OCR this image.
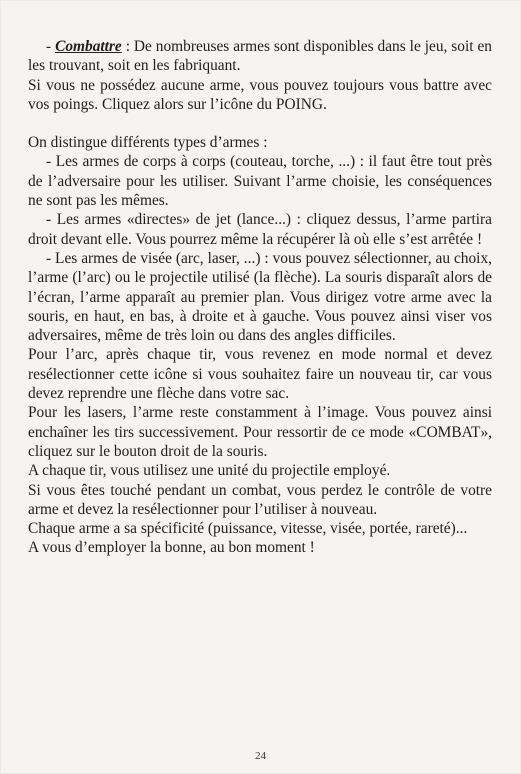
- Combattre : De nombreuses armes sont disponibles dans le jeu, soit en les trouvant, soit en les fabriquant.

Si vous ne possédez aucune arme, vous pouvez toujours vous battre avec vos poings. Cliquez alors sur l’icône du POING.

On distingue différents types d’armes :

- Les armes de corps à corps (couteau, torche, ...) : il faut être tout près de l’adversaire pour les utiliser. Suivant l’arme choisie, les conséquences ne sont pas les mêmes.

- Les armes «directes» de jet (lance...) : cliquez dessus, l’arme partira droit devant elle. Vous pourrez même la récupérer là où elle s’est arrêtée !

- Les armes de visée (arc, laser, ...) : vous pouvez sélectionner, au choix, l’arme (l’arc) ou le projectile utilisé (la flèche). La souris disparaît alors de l’écran, l’arme apparaît au premier plan. Vous dirigez votre arme avec la souris, en haut, en bas, à droite et à gauche. Vous pouvez ainsi viser vos adversaires, même de très loin ou dans des angles difficiles.

Pour l’arc, après chaque tir, vous revenez en mode normal et devez resélectionner cette icône si vous souhaitez faire un nouveau tir, car vous devez reprendre une flèche dans votre sac.

Pour les lasers, l’arme reste constamment à l’image. Vous pouvez ainsi enchaîner les tirs successivement. Pour ressortir de ce mode «COMBAT», cliquez sur le bouton droit de la souris.

A chaque tir, vous utilisez une unité du projectile employé.

Si vous êtes touché pendant un combat, vous perdez le contrôle de votre arme et devez la resélectionner pour l’utiliser à nouveau.

Chaque arme a sa spécificité (puissance, vitesse, visée, portée, rareté)...

A vous d’employer la bonne, au bon moment !

24
